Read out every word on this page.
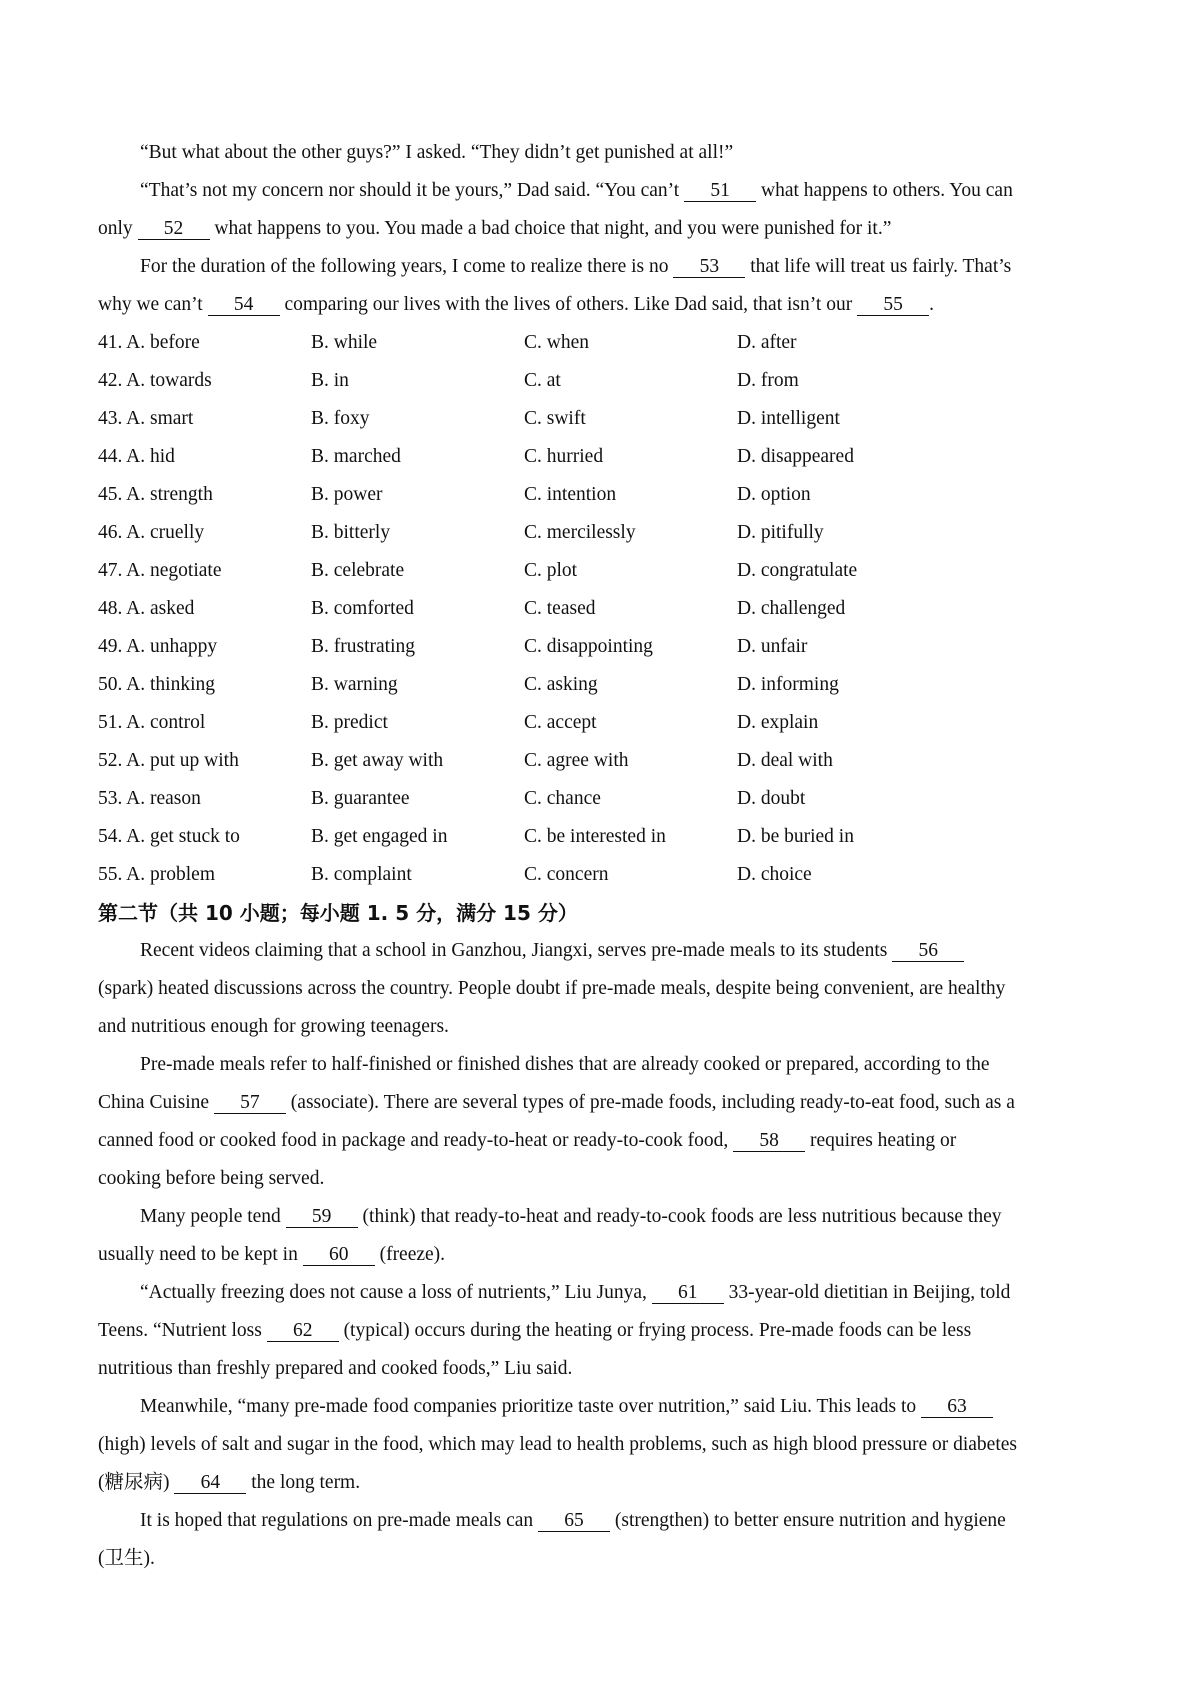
“But what about the other guys?” I asked. “They didn’t get punished at all!”
“That’s not my concern nor should it be yours,” Dad said. “You can’t 51 what happens to others. You can
only 52 what happens to you. You made a bad choice that night, and you were punished for it.”
For the duration of the following years, I come to realize there is no 53 that life will treat us fairly. That’s
why we can’t 54 comparing our lives with the lives of others. Like Dad said, that isn’t our 55 .
41. A. before	B. while	C. when	D. after
42. A. towards	B. in	C. at	D. from
43. A. smart	B. foxy	C. swift	D. intelligent
44. A. hid	B. marched	C. hurried	D. disappeared
45. A. strength	B. power	C. intention	D. option
46. A. cruelly	B. bitterly	C. mercilessly	D. pitifully
47. A. negotiate	B. celebrate	C. plot	D. congratulate
48. A. asked	B. comforted	C. teased	D. challenged
49. A. unhappy	B. frustrating	C. disappointing	D. unfair
50. A. thinking	B. warning	C. asking	D. informing
51. A. control	B. predict	C. accept	D. explain
52. A. put up with	B. get away with	C. agree with	D. deal with
53. A. reason	B. guarantee	C. chance	D. doubt
54. A. get stuck to	B. get engaged in	C. be interested in	D. be buried in
55. A. problem	B. complaint	C. concern	D. choice
第二节（共 10 小题；每小题 1. 5 分，满分 15 分）
Recent videos claiming that a school in Ganzhou, Jiangxi, serves pre-made meals to its students 56
(spark) heated discussions across the country. People doubt if pre-made meals, despite being convenient, are healthy
and nutritious enough for growing teenagers.
Pre-made meals refer to half-finished or finished dishes that are already cooked or prepared, according to the
China Cuisine 57 (associate). There are several types of pre-made foods, including ready-to-eat food, such as a
canned food or cooked food in package and ready-to-heat or ready-to-cook food, 58 requires heating or
cooking before being served.
Many people tend 59 (think) that ready-to-heat and ready-to-cook foods are less nutritious because they
usually need to be kept in 60 (freeze).
“Actually freezing does not cause a loss of nutrients,” Liu Junya, 61 33-year-old dietitian in Beijing, told
Teens. “Nutrient loss 62 (typical) occurs during the heating or frying process. Pre-made foods can be less
nutritious than freshly prepared and cooked foods,” Liu said.
Meanwhile, “many pre-made food companies prioritize taste over nutrition,” said Liu. This leads to 63
(high) levels of salt and sugar in the food, which may lead to health problems, such as high blood pressure or diabetes
(糖尿病) 64 the long term.
It is hoped that regulations on pre-made meals can 65 (strengthen) to better ensure nutrition and hygiene
(卫生).
